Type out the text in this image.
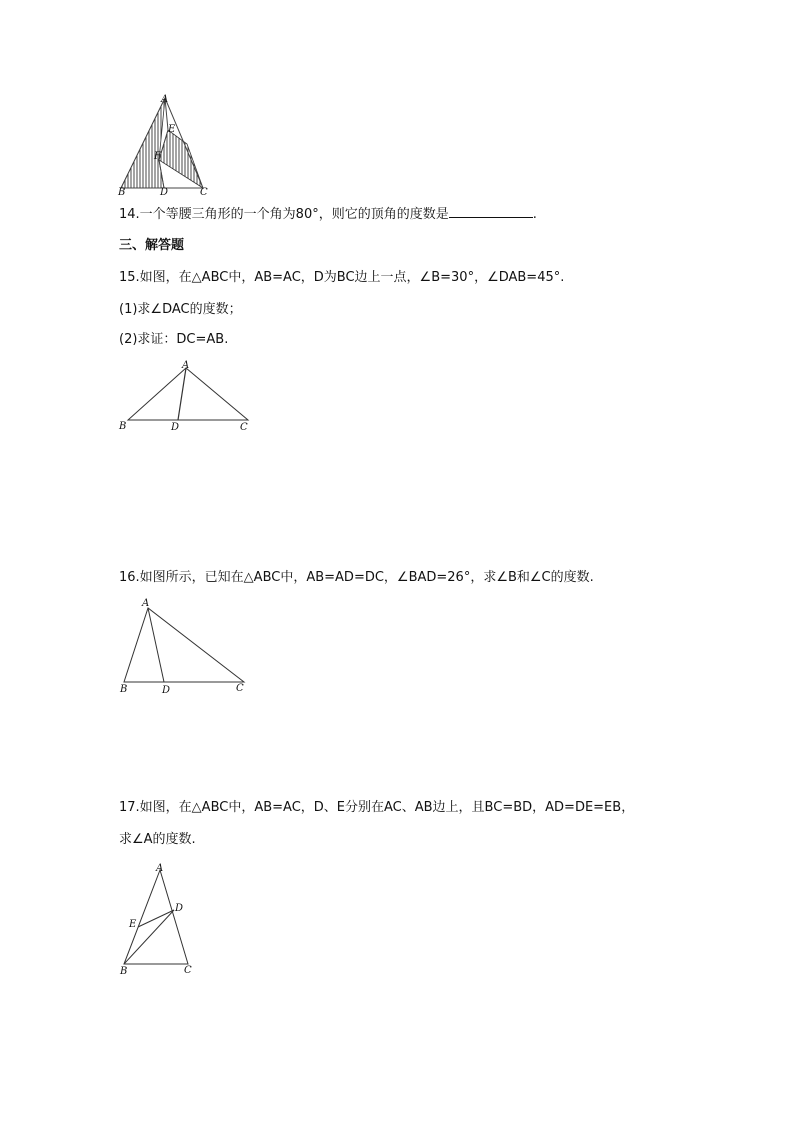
A
E
F
B	D	C
14.一个等腰三角形的一个角为80°，则它的顶角的度数是	.
三、解答题
15.如图，在△ABC中，AB=AC，D为BC边上一点，∠B=30°，∠DAB=45°.
(1)求∠DAC的度数；
(2)求证：DC=AB.
A
B	D	C
16.如图所示，已知在△ABC中，AB=AD=DC，∠BAD=26°，求∠B和∠C的度数.
A
B	D	C
17.如图，在△ABC中，AB=AC，D、E分别在AC、AB边上，且BC=BD，AD=DE=EB，
求∠A的度数.
A
E
D
B	C
